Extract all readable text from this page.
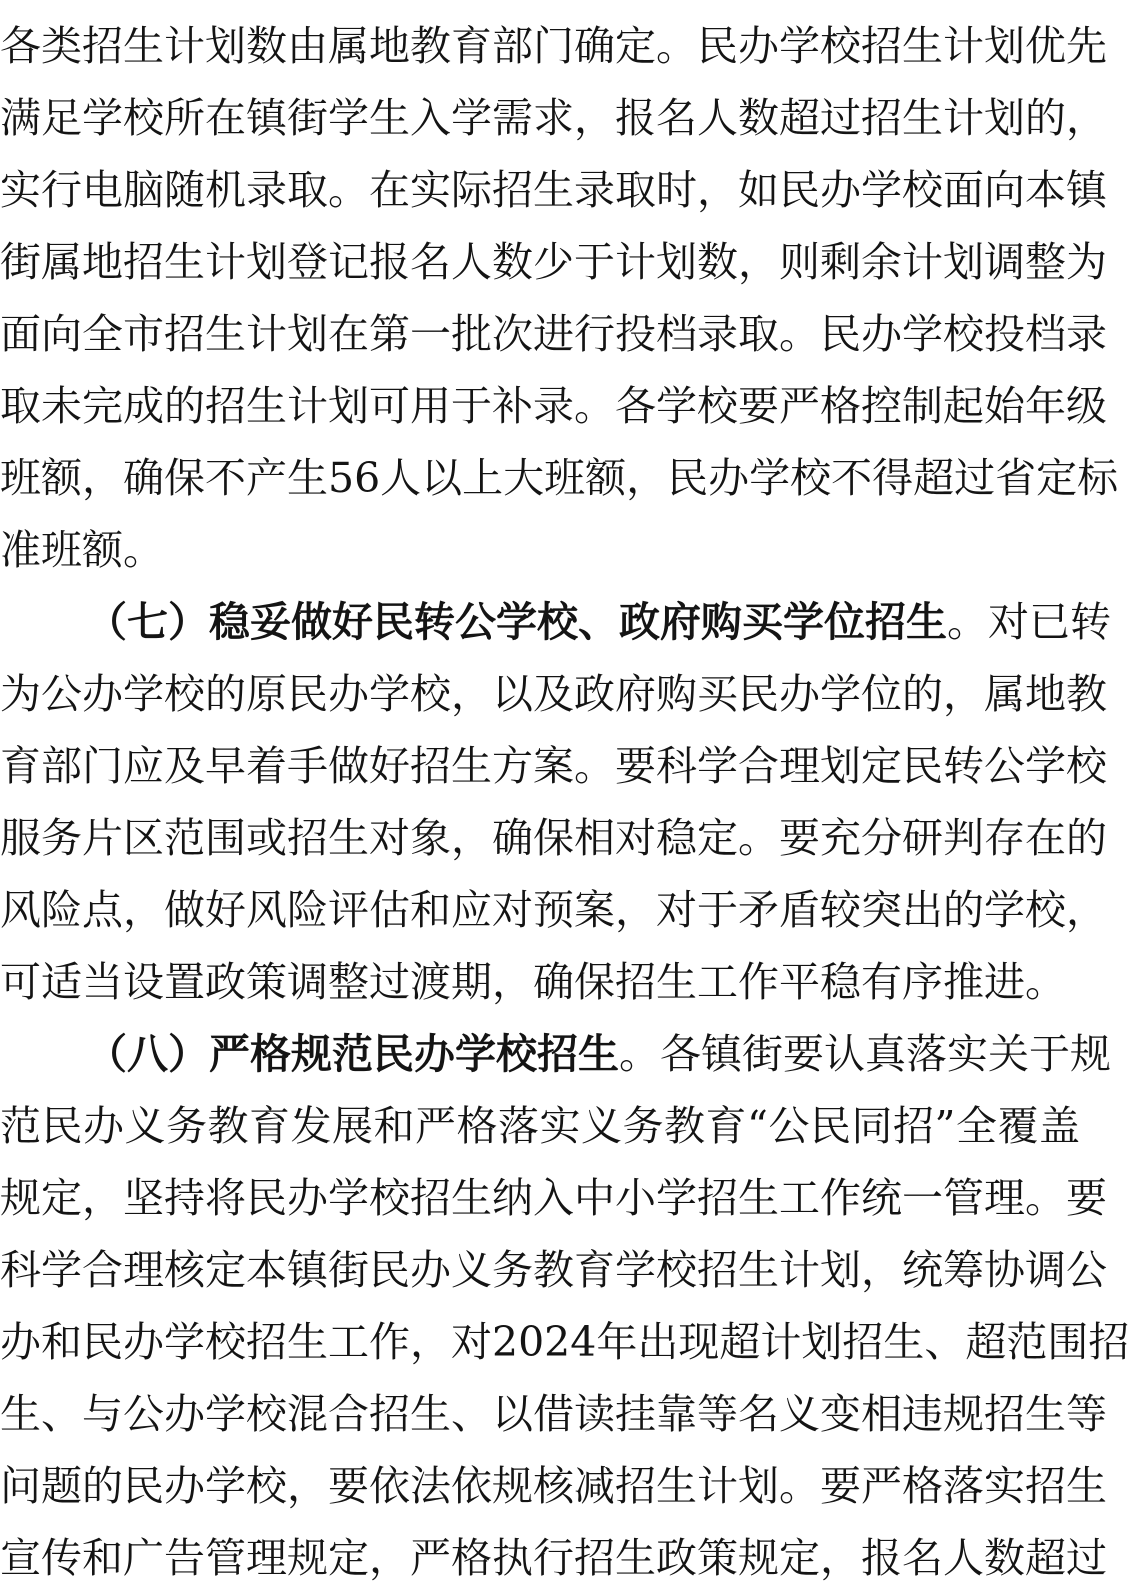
各类招生计划数由属地教育部门确定。民办学校招生计划优先
满足学校所在镇街学生入学需求，报名人数超过招生计划的，
实行电脑随机录取。在实际招生录取时，如民办学校面向本镇
街属地招生计划登记报名人数少于计划数，则剩余计划调整为
面向全市招生计划在第一批次进行投档录取。民办学校投档录
取未完成的招生计划可用于补录。各学校要严格控制起始年级
班额，确保不产生56人以上大班额，民办学校不得超过省定标
准班额。
（七）稳妥做好民转公学校、政府购买学位招生。对已转
为公办学校的原民办学校，以及政府购买民办学位的，属地教
育部门应及早着手做好招生方案。要科学合理划定民转公学校
服务片区范围或招生对象，确保相对稳定。要充分研判存在的
风险点，做好风险评估和应对预案，对于矛盾较突出的学校，
可适当设置政策调整过渡期，确保招生工作平稳有序推进。
（八）严格规范民办学校招生。各镇街要认真落实关于规
范民办义务教育发展和严格落实义务教育“公民同招”全覆盖
规定，坚持将民办学校招生纳入中小学招生工作统一管理。要
科学合理核定本镇街民办义务教育学校招生计划，统筹协调公
办和民办学校招生工作，对2024年出现超计划招生、超范围招
生、与公办学校混合招生、以借读挂靠等名义变相违规招生等
问题的民办学校，要依法依规核减招生计划。要严格落实招生
宣传和广告管理规定，严格执行招生政策规定，报名人数超过
